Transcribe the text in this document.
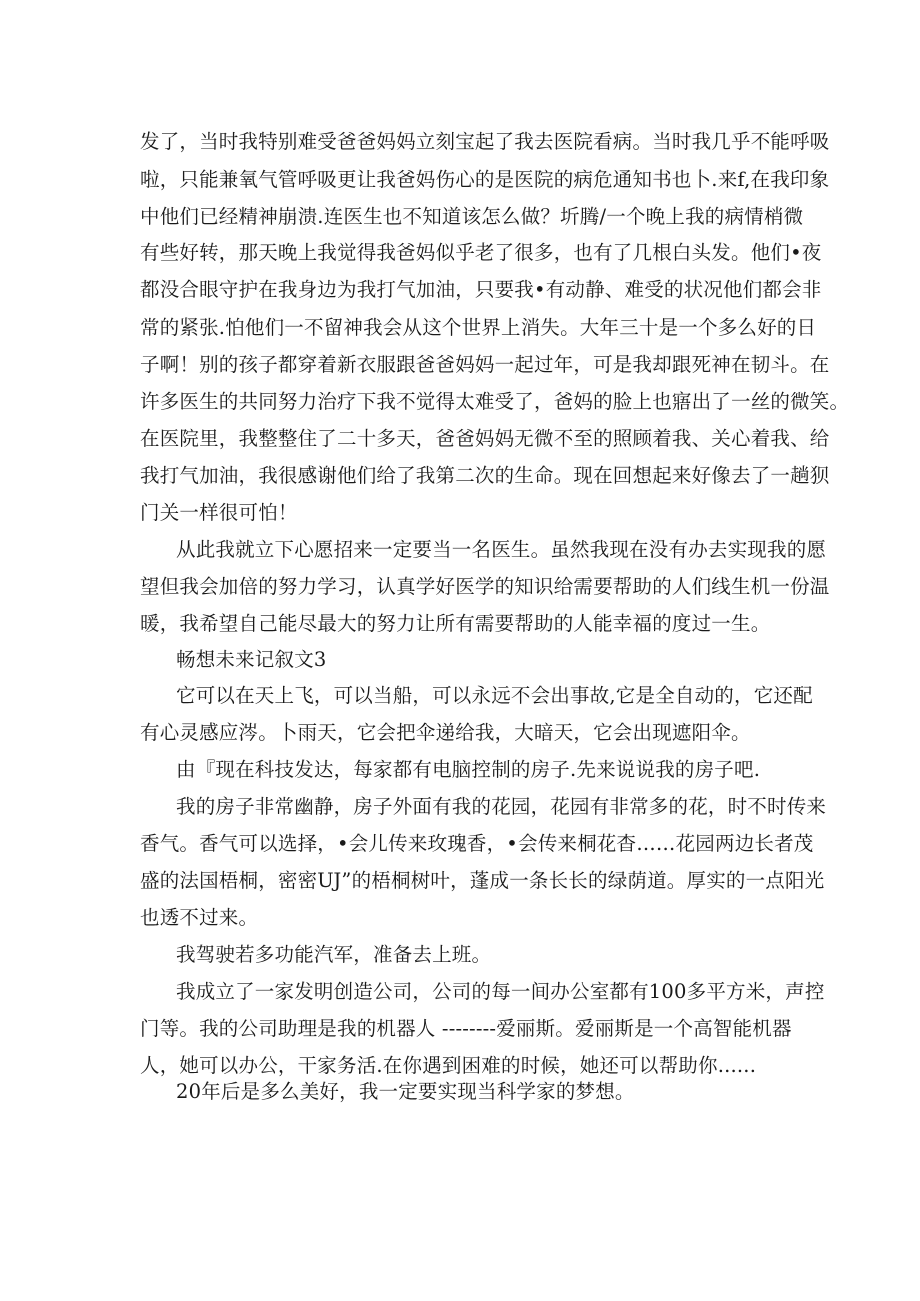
发了，当时我特别难受爸爸妈妈立刻宝起了我去医院看病。当时我几乎不能呼吸
啦，只能兼氧气管呼吸更让我爸妈伤心的是医院的病危通知书也卜.来f,在我印象
中他们已经精神崩溃.连医生也不知道该怎么做？圻腾/一个晚上我的病情梢微
有些好转，那天晚上我觉得我爸妈似乎老了很多，也有了几根白头发。他们•夜
都没合眼守护在我身边为我打气加油，只要我•有动静、难受的状况他们都会非
常的紧张.怕他们一不留神我会从这个世界上消失。大年三十是一个多么好的日
子啊！别的孩子都穿着新衣服跟爸爸妈妈一起过年，可是我却跟死神在韧斗。在
许多医生的共同努力治疗下我不觉得太难受了，爸妈的脸上也寤出了一丝的微笑。
在医院里，我整整住了二十多天，爸爸妈妈无微不至的照顾着我、关心着我、给
我打气加油，我很感谢他们给了我第二次的生命。现在回想起来好像去了一趟狈
门关一样很可怕！
从此我就立下心愿招来一定要当一名医生。虽然我现在没有办去实现我的愿
望但我会加倍的努力学习，认真学好医学的知识给需要帮助的人们线生机一份温
暖，我希望自己能尽最大的努力让所有需要帮助的人能幸福的度过一生。
畅想未来记叙文3
它可以在天上飞，可以当船，可以永远不会出事故,它是全自动的，它还配
有心灵感应涔。卜雨天，它会把伞递给我，大暗天，它会出现遮阳伞。
由『现在科技发达，每家都有电脑控制的房子.先来说说我的房子吧.
我的房子非常幽静，房子外面有我的花园，花园有非常多的花，时不时传来
香气。香气可以选择，•会儿传来玫瑰香，•会传来桐花杳……花园两边长者茂
盛的法国梧桐，密密UJ”的梧桐树叶，蓬成一条长长的绿荫道。厚实的一点阳光
也透不过来。
我驾驶若多功能汽军，准备去上班。
我成立了一家发明创造公司，公司的每一间办公室都有100多平方米，声控
门等。我的公司助理是我的机器人 --------爱丽斯。爱丽斯是一个高智能机器
人，她可以办公，干家务活.在你遇到困难的时候，她还可以帮助你......
20年后是多么美好，我一定要实现当科学家的梦想。
